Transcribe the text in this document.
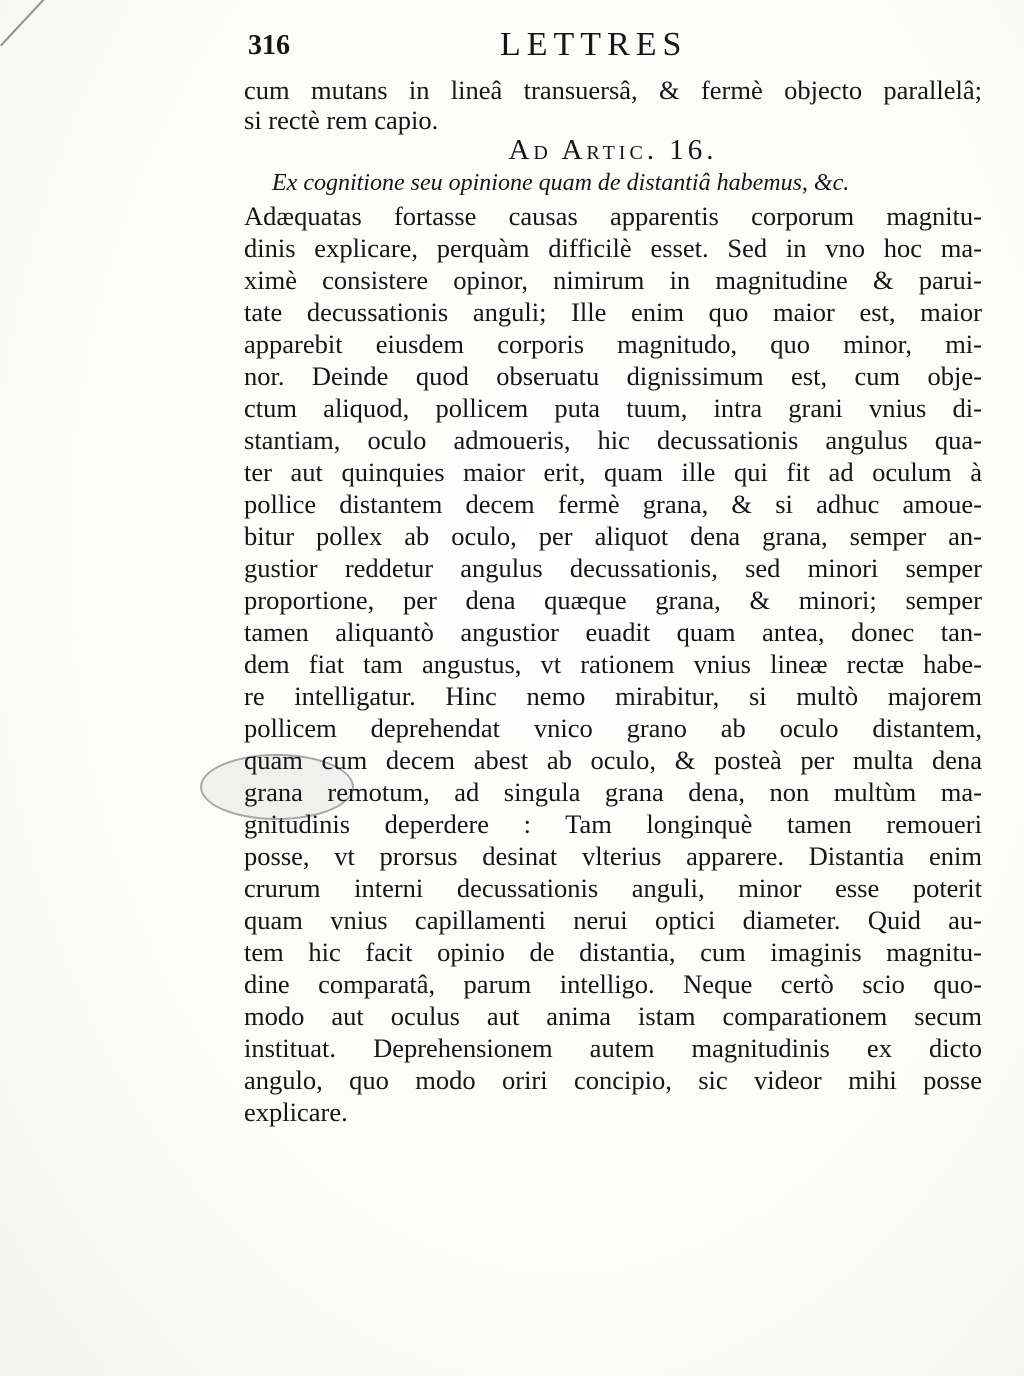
316	LETTRES
cum mutans in lineâ transuersâ, & fermè objecto parallelâ;
si rectè rem capio.
Ad Artic. 16.
Ex cognitione seu opinione quam de distantiâ habemus, &c.
Adæquatas fortasse causas apparentis corporum magnitu-
dinis explicare, perquàm difficilè esset. Sed in vno hoc ma-
ximè consistere opinor, nimirum in magnitudine & parui-
tate decussationis anguli; Ille enim quo maior est, maior
apparebit eiusdem corporis magnitudo, quo minor, mi-
nor. Deinde quod obseruatu dignissimum est, cum obje-
ctum aliquod, pollicem puta tuum, intra grani vnius di-
stantiam, oculo admoueris, hic decussationis angulus qua-
ter aut quinquies maior erit, quam ille qui fit ad oculum à
pollice distantem decem fermè grana, & si adhuc amoue-
bitur pollex ab oculo, per aliquot dena grana, semper an-
gustior reddetur angulus decussationis, sed minori semper
proportione, per dena quæque grana, & minori; semper
tamen aliquantò angustior euadit quam antea, donec tan-
dem fiat tam angustus, vt rationem vnius lineæ rectæ habe-
re intelligatur. Hinc nemo mirabitur, si multò majorem
pollicem deprehendat vnico grano ab oculo distantem,
quam cum decem abest ab oculo, & posteà per multa dena
grana remotum, ad singula grana dena, non multùm ma-
gnitudinis deperdere : Tam longinquè tamen remoueri
posse, vt prorsus desinat vlterius apparere. Distantia enim
crurum interni decussationis anguli, minor esse poterit
quam vnius capillamenti nerui optici diameter. Quid au-
tem hic facit opinio de distantia, cum imaginis magnitu-
dine comparatâ, parum intelligo. Neque certò scio quo-
modo aut oculus aut anima istam comparationem secum
instituat. Deprehensionem autem magnitudinis ex dicto
angulo, quo modo oriri concipio, sic videor mihi posse
explicare.
